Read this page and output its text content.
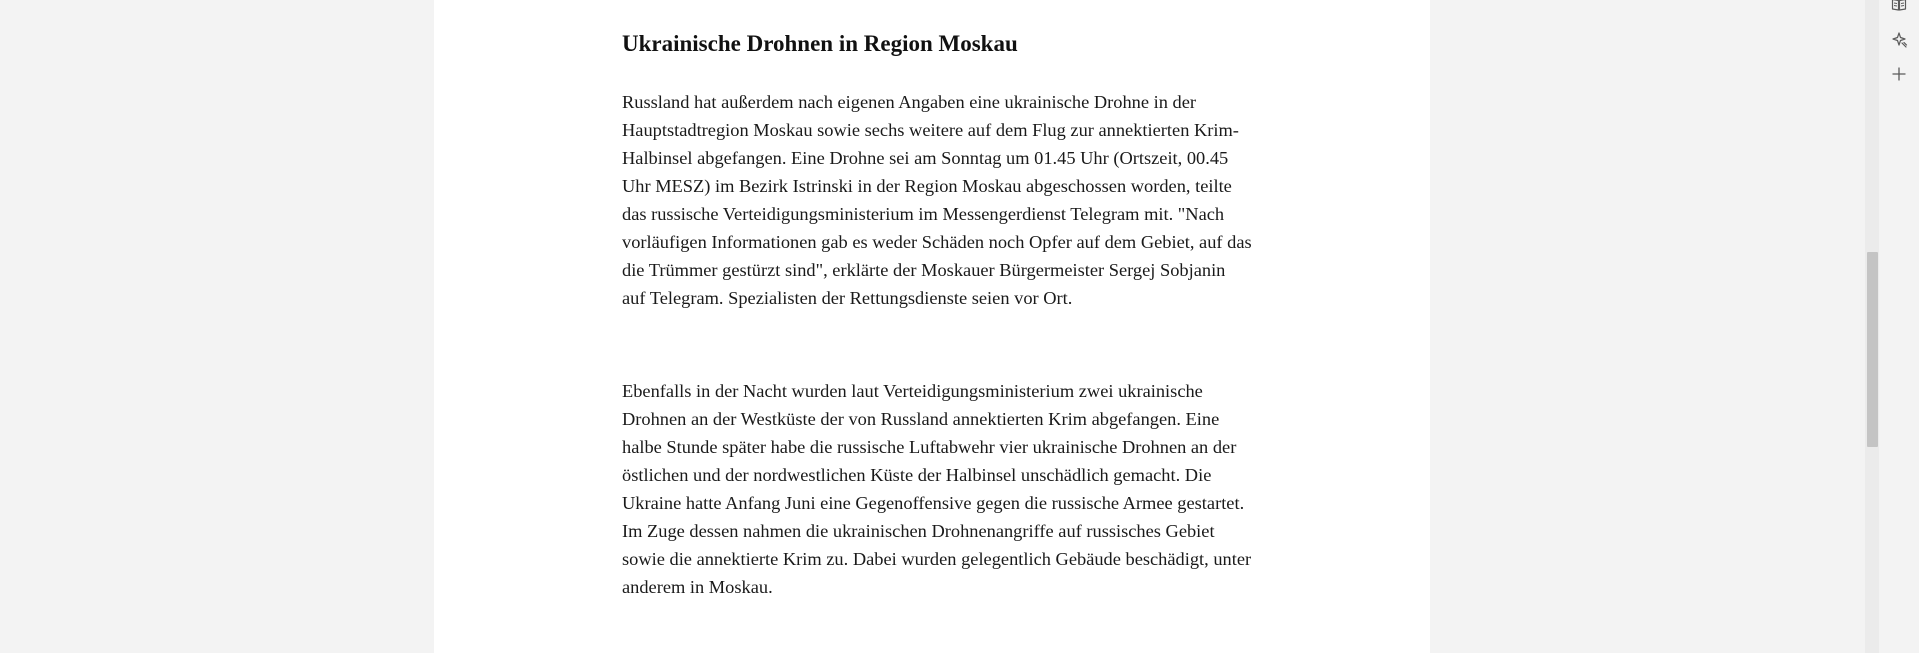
Ukrainische Drohnen in Region Moskau

Russland hat außerdem nach eigenen Angaben eine ukrainische Drohne in der Hauptstadtregion Moskau sowie sechs weitere auf dem Flug zur annektierten Krim-Halbinsel abgefangen. Eine Drohne sei am Sonntag um 01.45 Uhr (Ortszeit, 00.45 Uhr MESZ) im Bezirk Istrinski in der Region Moskau abgeschossen worden, teilte das russische Verteidigungsministerium im Messengerdienst Telegram mit. "Nach vorläufigen Informationen gab es weder Schäden noch Opfer auf dem Gebiet, auf das die Trümmer gestürzt sind", erklärte der Moskauer Bürgermeister Sergej Sobjanin auf Telegram. Spezialisten der Rettungsdienste seien vor Ort.

Ebenfalls in der Nacht wurden laut Verteidigungsministerium zwei ukrainische Drohnen an der Westküste der von Russland annektierten Krim abgefangen. Eine halbe Stunde später habe die russische Luftabwehr vier ukrainische Drohnen an der östlichen und der nordwestlichen Küste der Halbinsel unschädlich gemacht. Die Ukraine hatte Anfang Juni eine Gegenoffensive gegen die russische Armee gestartet. Im Zuge dessen nahmen die ukrainischen Drohnenangriffe auf russisches Gebiet sowie die annektierte Krim zu. Dabei wurden gelegentlich Gebäude beschädigt, unter anderem in Moskau.
